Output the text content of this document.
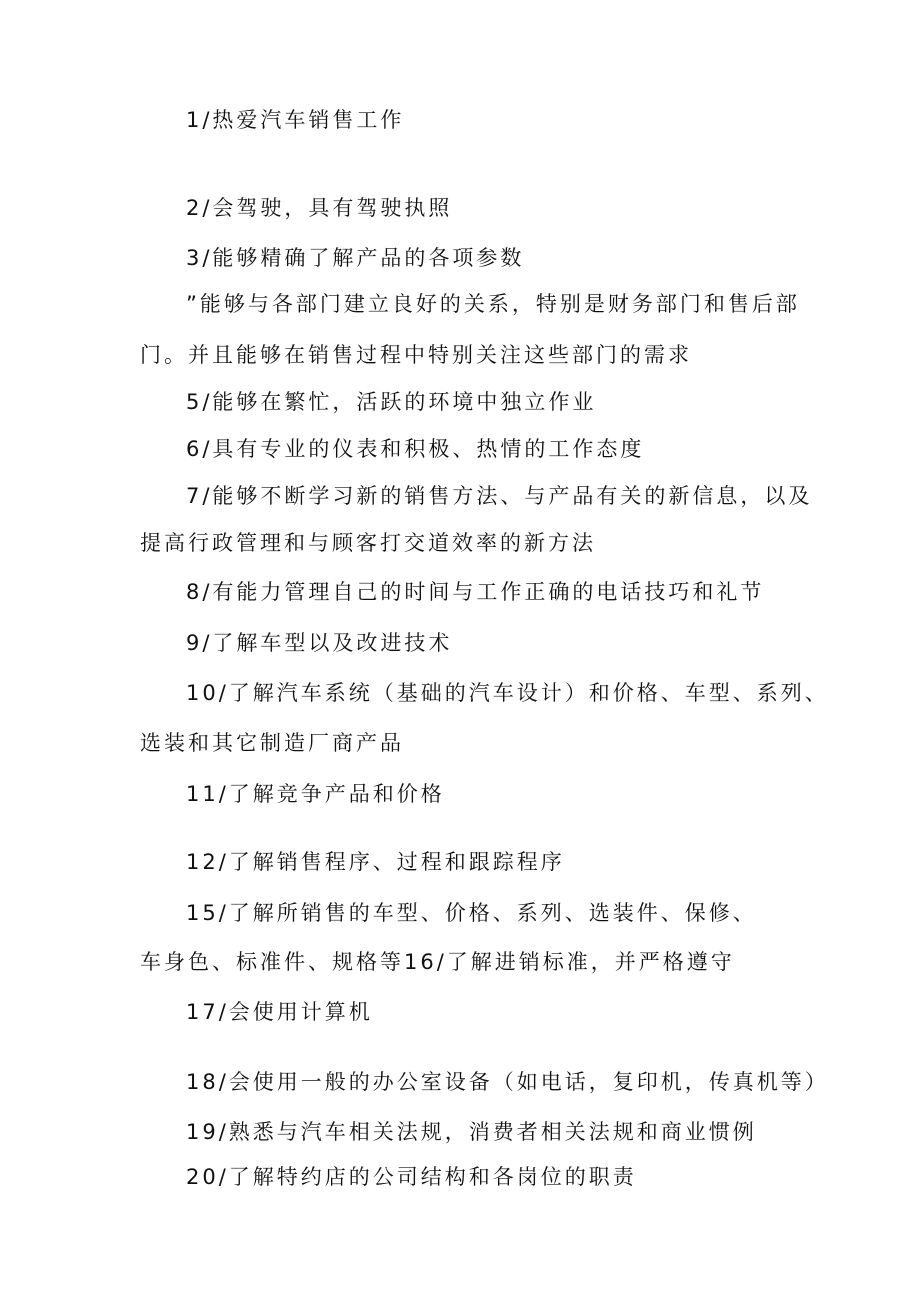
1/热爱汽车销售工作
2/会驾驶，具有驾驶执照
3/能够精确了解产品的各项参数
”能够与各部门建立良好的关系，特别是财务部门和售后部
门。并且能够在销售过程中特别关注这些部门的需求
5/能够在繁忙，活跃的环境中独立作业
6/具有专业的仪表和积极、热情的工作态度
7/能够不断学习新的销售方法、与产品有关的新信息，以及
提高行政管理和与顾客打交道效率的新方法
8/有能力管理自己的时间与工作正确的电话技巧和礼节
9/了解车型以及改进技术
10/了解汽车系统（基础的汽车设计）和价格、车型、系列、
选装和其它制造厂商产品
11/了解竞争产品和价格
12/了解销售程序、过程和跟踪程序
15/了解所销售的车型、价格、系列、选装件、保修、
车身色、标准件、规格等16/了解进销标准，并严格遵守
17/会使用计算机
18/会使用一般的办公室设备（如电话，复印机，传真机等）
19/熟悉与汽车相关法规，消费者相关法规和商业惯例
20/了解特约店的公司结构和各岗位的职责
